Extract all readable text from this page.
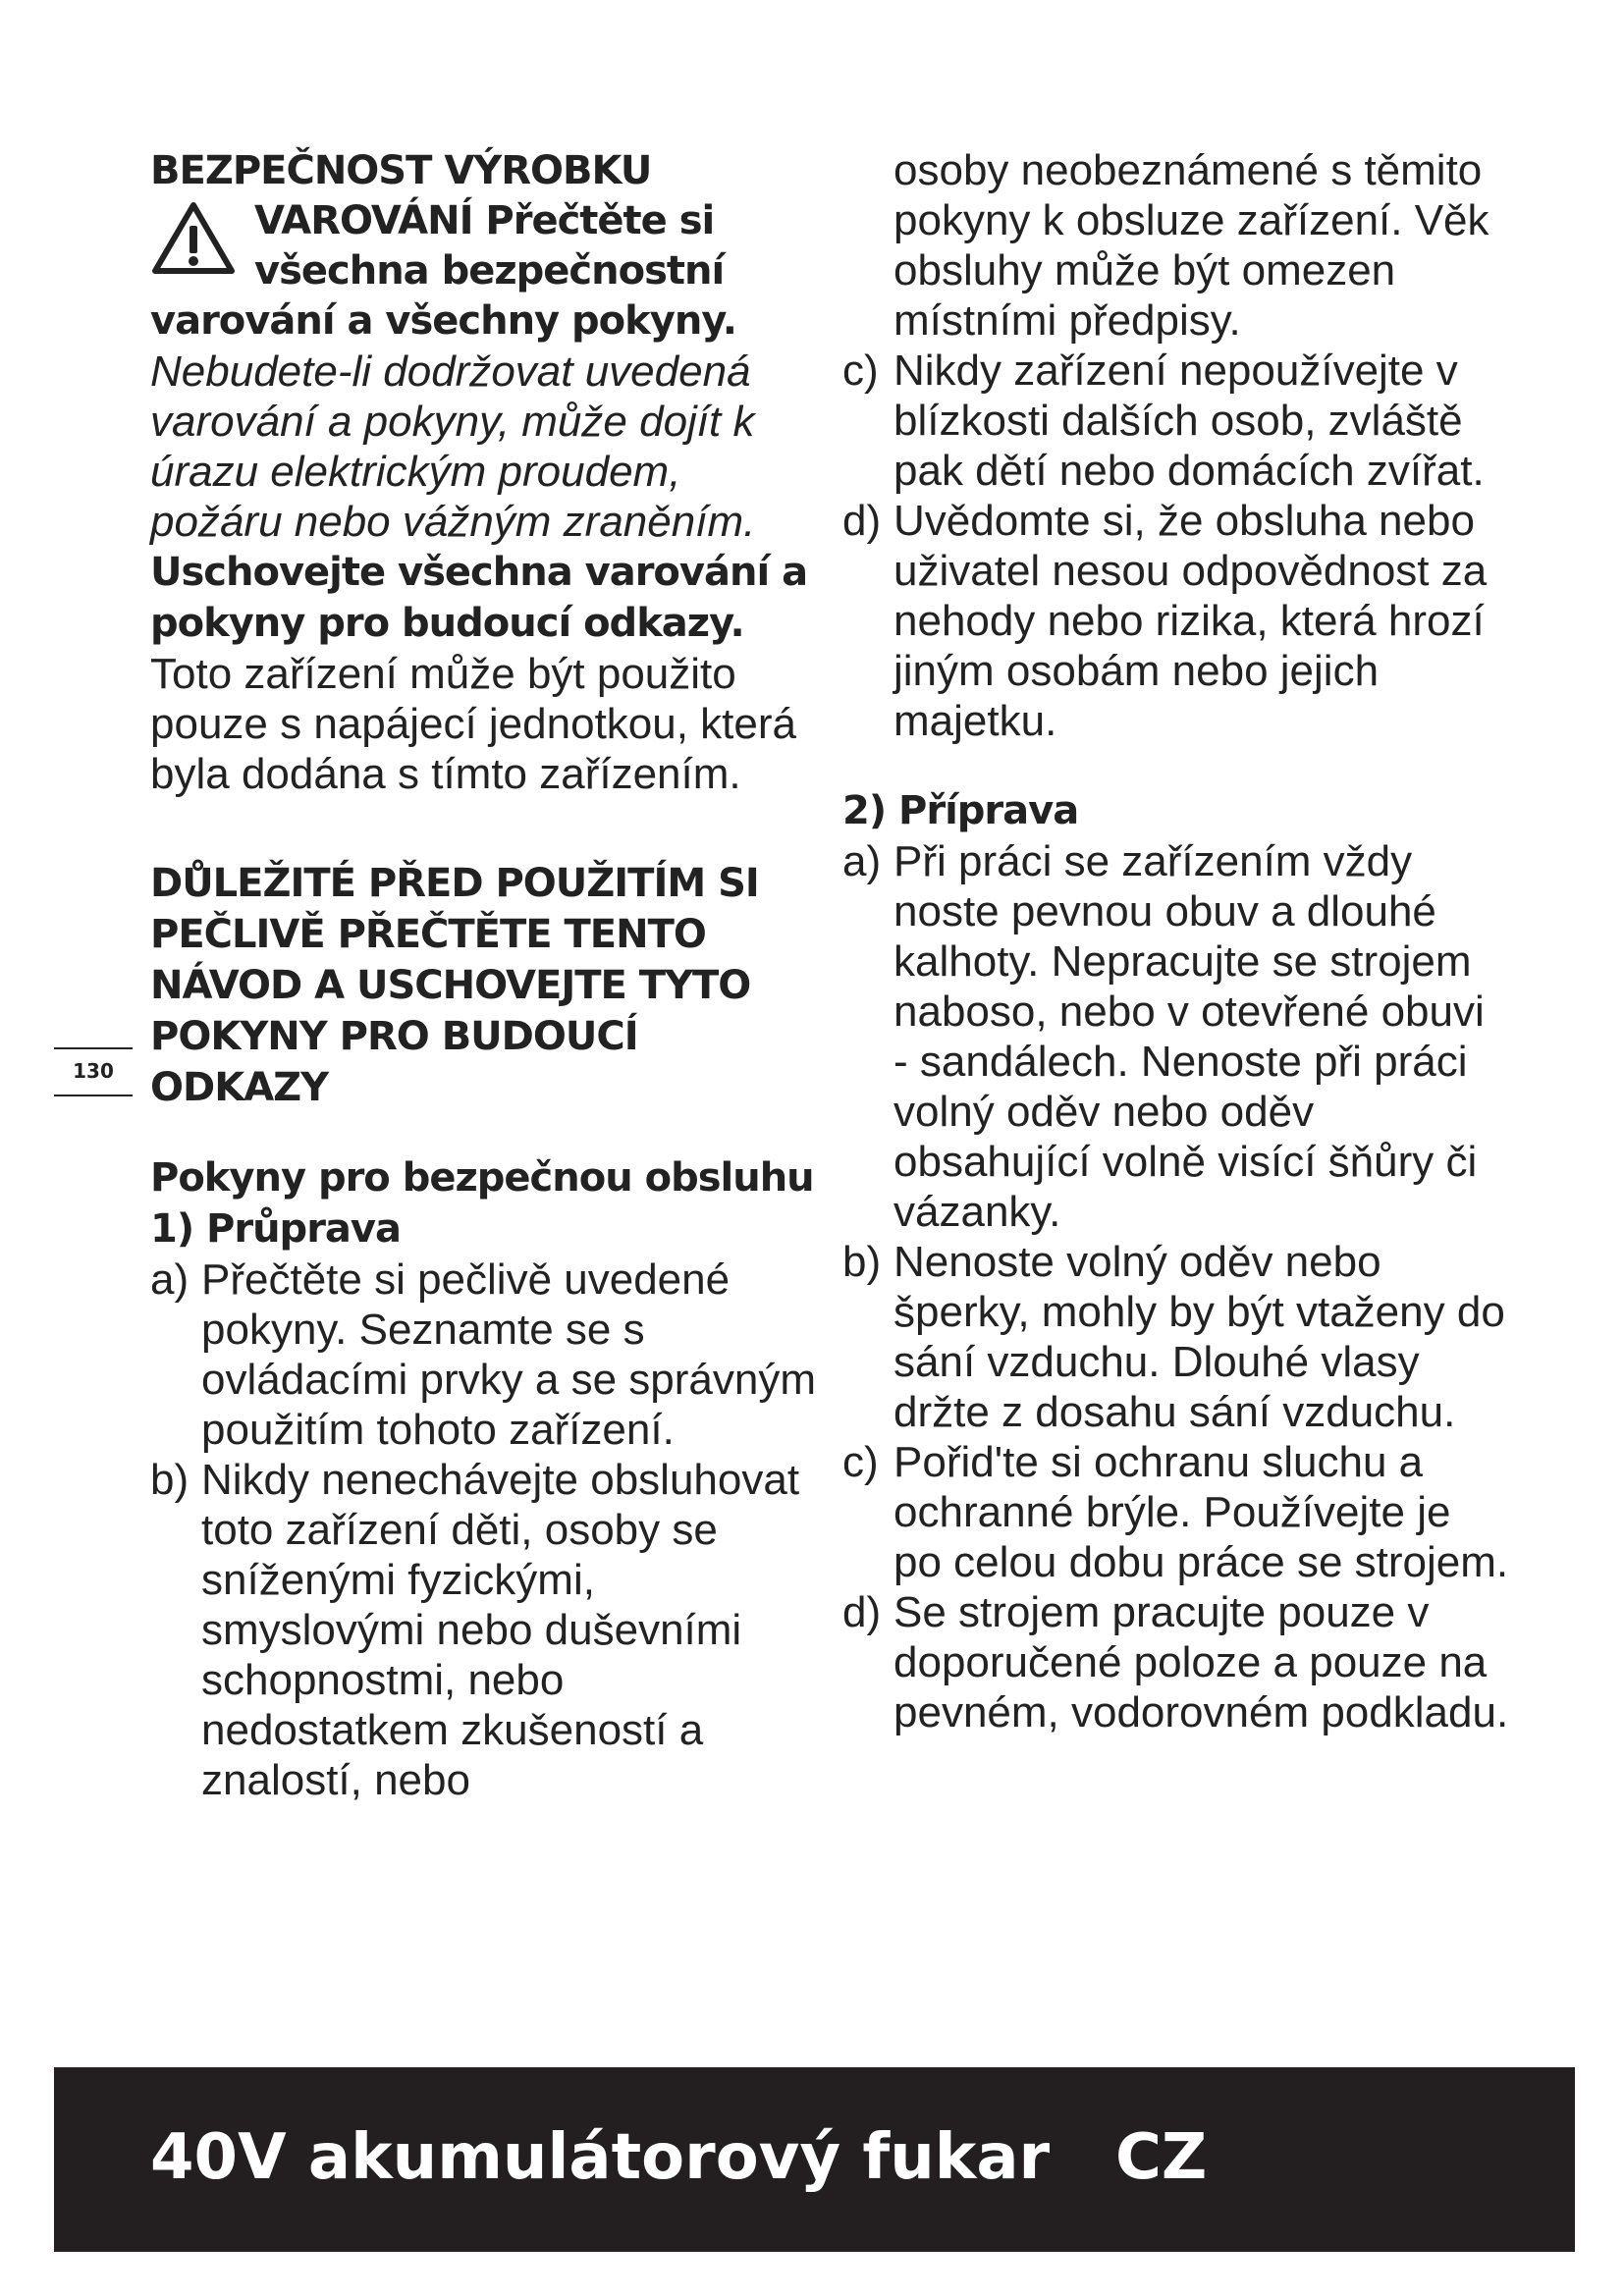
130
BEZPEČNOST VÝROBKU
VAROVÁNÍ Přečtěte si
všechna bezpečnostní
varování a všechny pokyny.

Nebudete-li dodržovat uvedená varování a pokyny, může dojít k úrazu elektrickým proudem, požáru nebo vážným zraněním.

Uschovejte všechna varování a pokyny pro budoucí odkazy.

Toto zařízení může být použito pouze s napájecí jednotkou, která byla dodána s tímto zařízením.

DŮLEŽITÉ PŘED POUŽITÍM SI PEČLIVĚ PŘEČTĚTE TENTO NÁVOD A USCHOVEJTE TYTO POKYNY PRO BUDOUCÍ ODKAZY
Pokyny pro bezpečnou obsluhu
1) Průprava
a) Přečtěte si pečlivě uvedené pokyny. Seznamte se s ovládacími prvky a se správným použitím tohoto zařízení.
b) Nikdy nenechávejte obsluhovat toto zařízení děti, osoby se sníženými fyzickými, smyslovými nebo duševními schopnostmi, nebo nedostatkem zkušeností a znalostí, nebo

osoby neobeznámené s těmito pokyny k obsluze zařízení. Věk obsluhy může být omezen místními předpisy.

c) Nikdy zařízení nepoužívejte v blízkosti dalších osob, zvláště pak dětí nebo domácích zvířat.
d) Uvědomte si, že obsluha nebo uživatel nesou odpovědnost za nehody nebo rizika, která hrozí jiným osobám nebo jejich majetku.
2) Příprava
a) Při práci se zařízením vždy noste pevnou obuv a dlouhé kalhoty. Nepracujte se strojem naboso, nebo v otevřené obuvi - sandálech. Nenoste při práci volný oděv nebo oděv obsahující volně visící šňůry či vázanky.
b) Nenoste volný oděv nebo šperky, mohly by být vtaženy do sání vzduchu. Dlouhé vlasy držte z dosahu sání vzduchu.
c) Pořid'te si ochranu sluchu a ochranné brýle. Používejte je po celou dobu práce se strojem.
d) Se strojem pracujte pouze v doporučené poloze a pouze na pevném, vodorovném podkladu.
40V akumulátorový fukar   CZ
